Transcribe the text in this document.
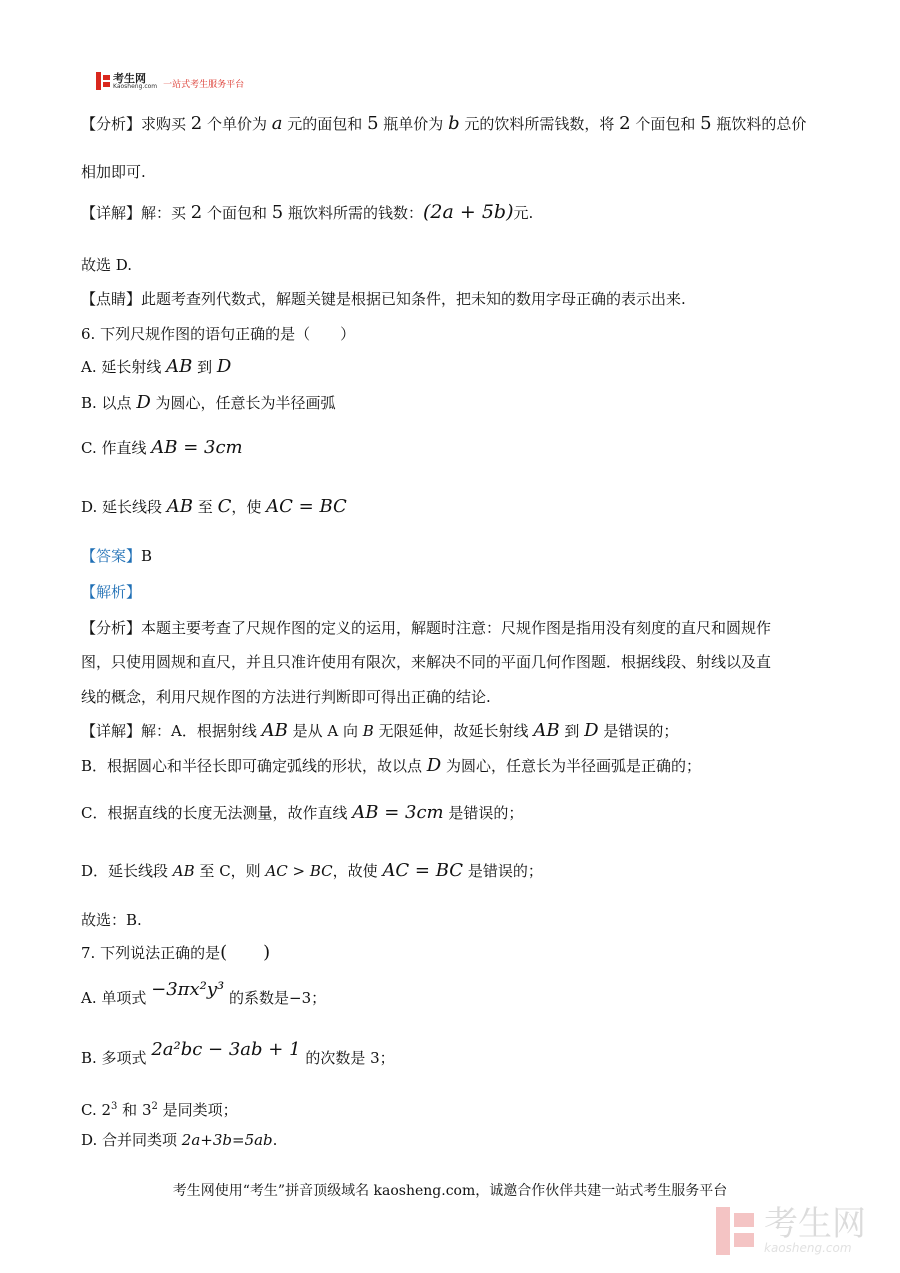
考生网
Kaosheng.com 一站式考生服务平台
【分析】求购买 2 个单价为 a 元的面包和 5 瓶单价为 b 元的饮料所需钱数，将 2 个面包和 5 瓶饮料的总价
相加即可.
【详解】解：买 2 个面包和 5 瓶饮料所需的钱数：(2a + 5b)元.
故选 D.
【点睛】此题考查列代数式，解题关键是根据已知条件，把未知的数用字母正确的表示出来.
6. 下列尺规作图的语句正确的是（　　）
A. 延长射线 AB 到 D
B. 以点 D 为圆心，任意长为半径画弧
C. 作直线 AB = 3cm
D. 延长线段 AB 至 C，使 AC = BC
【答案】B
【解析】
【分析】本题主要考查了尺规作图的定义的运用，解题时注意：尺规作图是指用没有刻度的直尺和圆规作
图，只使用圆规和直尺，并且只准许使用有限次，来解决不同的平面几何作图题．根据线段、射线以及直
线的概念，利用尺规作图的方法进行判断即可得出正确的结论.
【详解】解：A．根据射线 AB 是从 A 向 B 无限延伸，故延长射线 AB 到 D 是错误的；
B．根据圆心和半径长即可确定弧线的形状，故以点 D 为圆心，任意长为半径画弧是正确的；
C．根据直线的长度无法测量，故作直线 AB = 3cm 是错误的；
D．延长线段 AB 至 C，则 AC > BC，故使 AC = BC 是错误的；
故选：B.
7. 下列说法正确的是(　　)
A. 单项式 −3πx²y³ 的系数是−3；
B. 多项式 2a²bc − 3ab + 1 的次数是 3；
C. $2^3$ 和 $3^2$ 是同类项；
D. 合并同类项 2a+3b=5ab.
考生网使用“考生”拼音顶级域名 kaosheng.com，诚邀合作伙伴共建一站式考生服务平台
考生网
kaosheng.com
